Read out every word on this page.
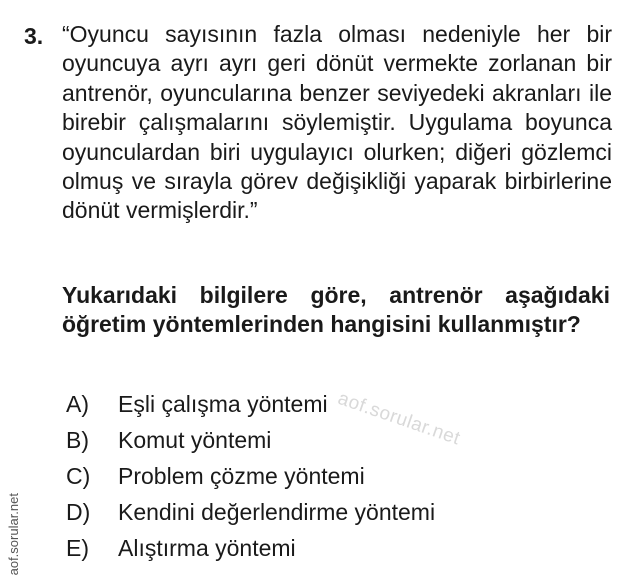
3. “Oyuncu sayısının fazla olması nedeniyle her bir oyuncuya ayrı ayrı geri dönüt vermekte zorlanan bir antrenör, oyuncularına benzer seviyedeki akranları ile birebir çalışmalarını söylemiştir. Uygulama boyunca oyunculardan biri uygulayıcı olurken; diğeri gözlemci olmuş ve sırayla görev değişikliği yaparak birbirlerine dönüt vermişlerdir.”
Yukarıdaki bilgilere göre, antrenör aşağıdaki öğretim yöntemlerinden hangisini kullanmıştır?
A)	Eşli çalışma yöntemi
B)	Komut yöntemi
C)	Problem çözme yöntemi
D)	Kendini değerlendirme yöntemi
E)	Alıştırma yöntemi
aof.sorular.net
aof.sorular.net
